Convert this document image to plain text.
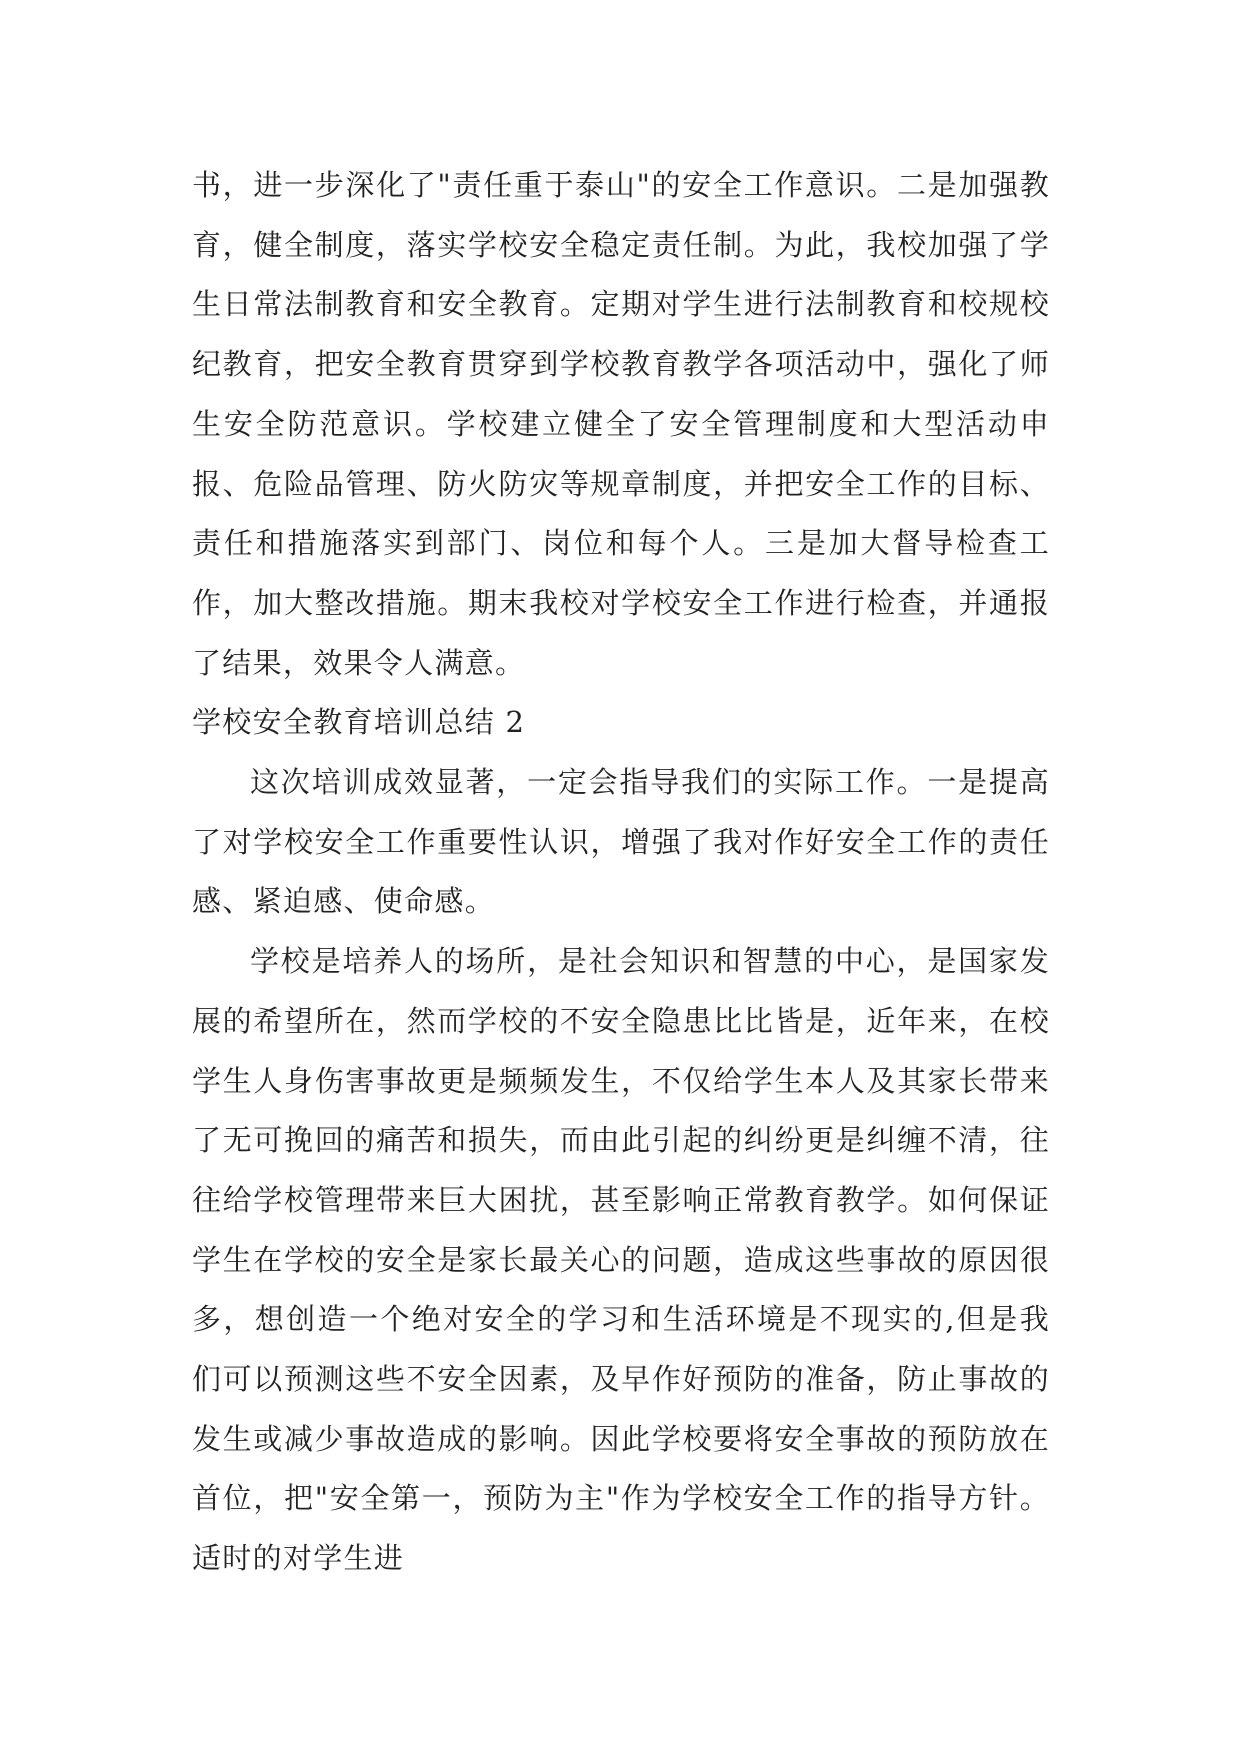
书，进一步深化了"责任重于泰山"的安全工作意识。二是加强教育，健全制度，落实学校安全稳定责任制。为此，我校加强了学生日常法制教育和安全教育。定期对学生进行法制教育和校规校纪教育，把安全教育贯穿到学校教育教学各项活动中，强化了师生安全防范意识。学校建立健全了安全管理制度和大型活动申报、危险品管理、防火防灾等规章制度，并把安全工作的目标、责任和措施落实到部门、岗位和每个人。三是加大督导检查工作，加大整改措施。期末我校对学校安全工作进行检查，并通报了结果，效果令人满意。

学校安全教育培训总结 2

这次培训成效显著，一定会指导我们的实际工作。一是提高了对学校安全工作重要性认识，增强了我对作好安全工作的责任感、紧迫感、使命感。

学校是培养人的场所，是社会知识和智慧的中心，是国家发展的希望所在，然而学校的不安全隐患比比皆是，近年来，在校学生人身伤害事故更是频频发生，不仅给学生本人及其家长带来了无可挽回的痛苦和损失，而由此引起的纠纷更是纠缠不清，往往给学校管理带来巨大困扰，甚至影响正常教育教学。如何保证学生在学校的安全是家长最关心的问题，造成这些事故的原因很多，想创造一个绝对安全的学习和生活环境是不现实的,但是我们可以预测这些不安全因素，及早作好预防的准备，防止事故的发生或减少事故造成的影响。因此学校要将安全事故的预防放在首位，把"安全第一，预防为主"作为学校安全工作的指导方针。适时的对学生进
